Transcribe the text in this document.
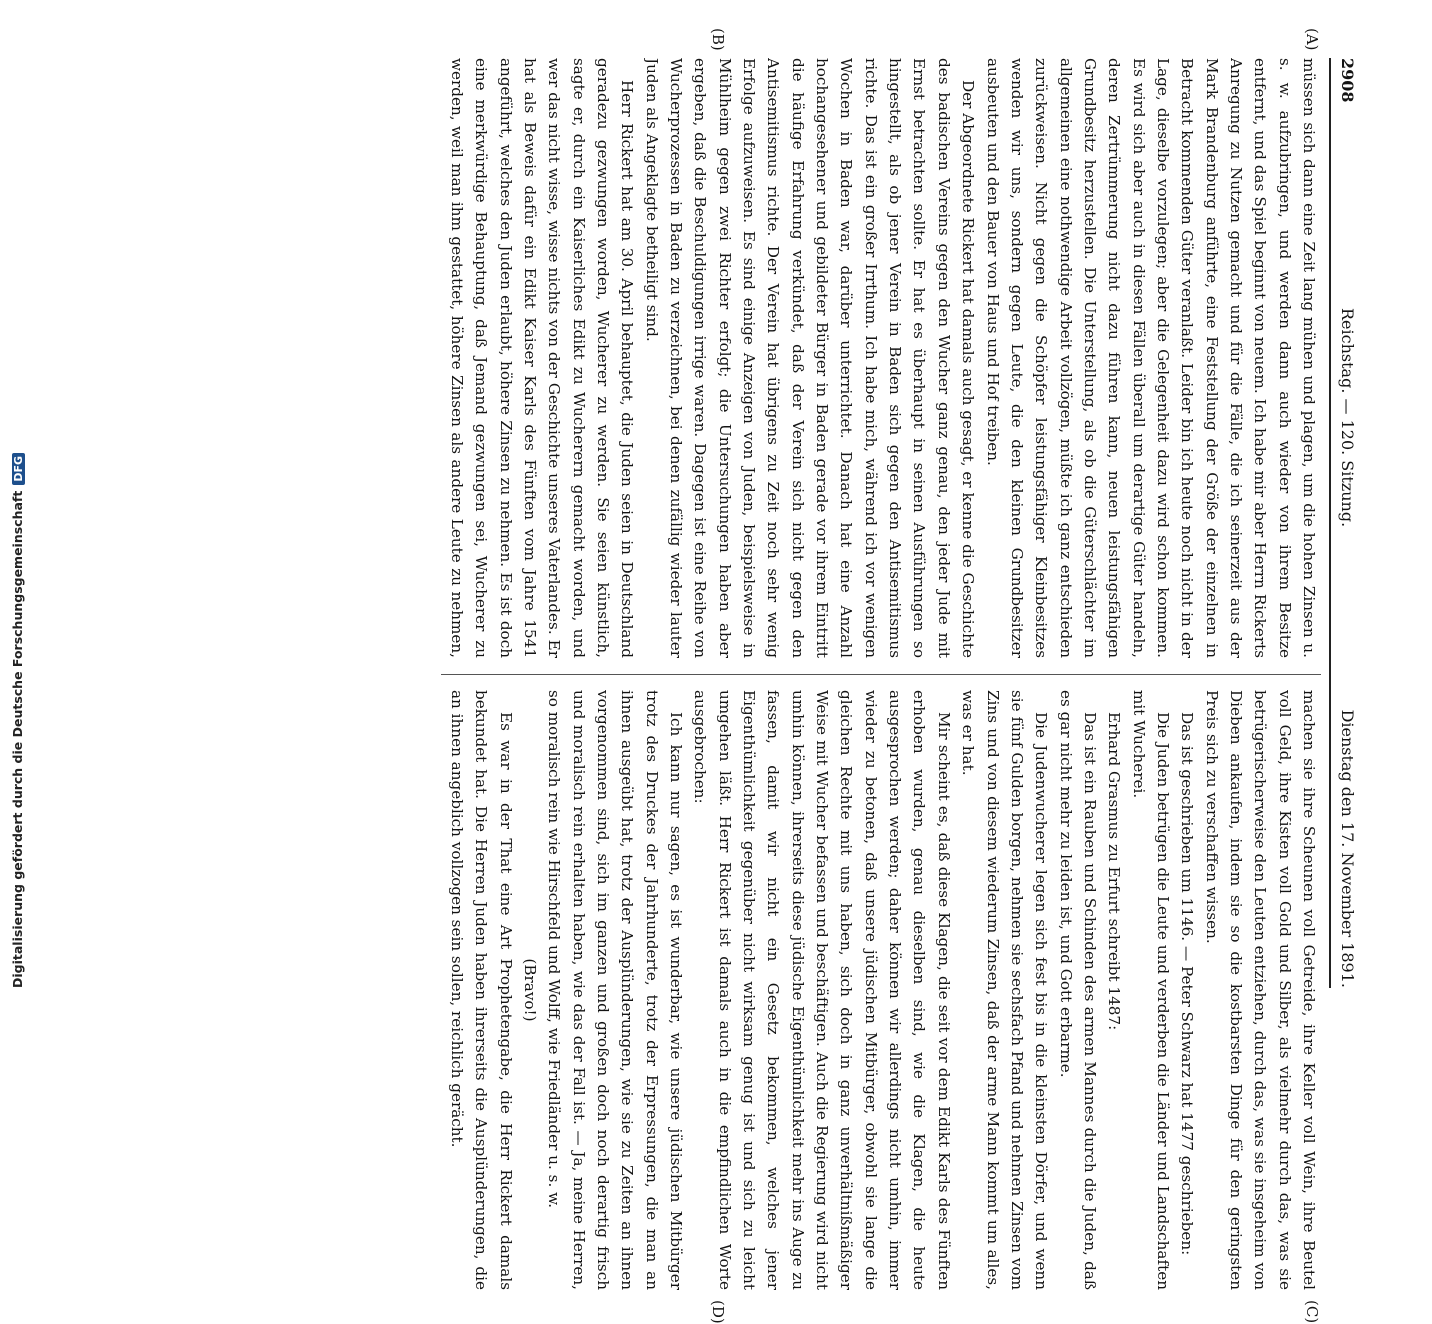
2908
Reichstag. — 120. Sitzung.
Dienstag den 17. November 1891.
(A)
(B)
(C)
(D)

müssen sich dann eine Zeit lang mühen und plagen, um die hohen Zinsen u. s. w. aufzubringen, und werden dann auch wieder von ihrem Besitze entfernt, und das Spiel beginnt von neuem. Ich habe mir aber Herrn Rickerts Anregung zu Nutzen gemacht und für die Fälle, die ich seinerzeit aus der Mark Brandenburg anführte, eine Feststellung der Größe der einzelnen in Betracht kommenden Güter veranlaßt. Leider bin ich heute noch nicht in der Lage, dieselbe vorzulegen; aber die Gelegenheit dazu wird schon kommen. Es wird sich aber auch in diesen Fällen überall um derartige Güter handeln, deren Zertrümmerung nicht dazu führen kann, neuen leistungsfähigen Grundbesitz herzustellen. Die Unterstellung, als ob die Güterschlächter im allgemeinen eine nothwendige Arbeit vollzögen, müßte ich ganz entschieden zurückweisen. Nicht gegen die Schöpfer leistungsfähiger Kleinbesitzes wenden wir uns, sondern gegen Leute, die den kleinen Grundbesitzer ausbeuten und den Bauer von Haus und Hof treiben.

Der Abgeordnete Rickert hat damals auch gesagt, er kenne die Geschichte des badischen Vereins gegen den Wucher ganz genau, den jeder Jude mit Ernst betrachten sollte. Er hat es überhaupt in seinen Ausführungen so hingestellt, als ob jener Verein in Baden sich gegen den Antisemitismus richte. Das ist ein großer Irrthum. Ich habe mich, während ich vor wenigen Wochen in Baden war, darüber unterrichtet. Danach hat eine Anzahl hochangesehener und gebildeter Bürger in Baden gerade vor ihrem Eintritt die häufige Erfahrung verkündet, daß der Verein sich nicht gegen den Antisemitismus richte. Der Verein hat übrigens zu Zeit noch sehr wenig Erfolge aufzuweisen. Es sind einige Anzeigen von Juden, beispielsweise in Mühlheim gegen zwei Richter erfolgt; die Untersuchungen haben aber ergeben, daß die Beschuldigungen irrige waren. Dagegen ist eine Reihe von Wucherprozessen in Baden zu verzeichnen, bei denen zufällig wieder lauter Juden als Angeklagte betheiligt sind.

Herr Rickert hat am 30. April behauptet, die Juden seien in Deutschland geradezu gezwungen worden, Wucherer zu werden. Sie seien künstlich, sagte er, durch ein Kaiserliches Edikt zu Wucherern gemacht worden, und wer das nicht wisse, wisse nichts von der Geschichte unseres Vaterlandes. Er hat als Beweis dafür ein Edikt Kaiser Karls des Fünften vom Jahre 1541 angeführt, welches den Juden erlaubt, höhere Zinsen zu nehmen. Es ist doch eine merkwürdige Behauptung, daß Jemand gezwungen sei, Wucherer zu werden, weil man ihm gestattet, höhere Zinsen als andere Leute zu nehmen,

machen sie ihre Scheunen voll Getreide, ihre Keller voll Wein, ihre Beutel voll Geld, ihre Kisten voll Gold und Silber, als vielmehr durch das, was sie betrügerischerweise den Leuten entziehen, durch das, was sie insgeheim von Dieben ankaufen, indem sie so die kostbarsten Dinge für den geringsten Preis sich zu verschaffen wissen.

Das ist geschrieben um 1146. — Peter Schwarz hat 1477 geschrieben:

Die Juden betrügen die Leute und verderben die Länder und Landschaften mit Wucherei.

Erhard Grasmus zu Erfurt schreibt 1487:

Das ist ein Rauben und Schinden des armen Mannes durch die Juden, daß es gar nicht mehr zu leiden ist, und Gott erbarme.

Die Judenwucherer legen sich fest bis in die kleinsten Dörfer, und wenn sie fünf Gulden borgen, nehmen sie sechsfach Pfand und nehmen Zinsen vom Zins und von diesem wiederum Zinsen, daß der arme Mann kommt um alles, was er hat.

Mir scheint es, daß diese Klagen, die seit vor dem Edikt Karls des Fünften erhoben wurden, genau dieselben sind, wie die Klagen, die heute ausgesprochen werden; daher können wir allerdings nicht umhin, immer wieder zu betonen, daß unsere jüdischen Mitbürger, obwohl sie lange die gleichen Rechte mit uns haben, sich doch in ganz unverhältnißmäßiger Weise mit Wucher befassen und beschäftigen. Auch die Regierung wird nicht umhin können, ihrerseits diese jüdische Eigenthümlichkeit mehr ins Auge zu fassen, damit wir nicht ein Gesetz bekommen, welches jener Eigenthümlichkeit gegenüber nicht wirksam genug ist und sich zu leicht umgehen läßt. Herr Rickert ist damals auch in die empfindlichen Worte ausgebrochen:

Ich kann nur sagen, es ist wunderbar, wie unsere jüdischen Mitbürger trotz des Druckes der Jahrhunderte, trotz der Erpressungen, die man an ihnen ausgeübt hat, trotz der Ausplünderungen, wie sie zu Zeiten an ihnen vorgenommen sind, sich im ganzen und großen doch noch derartig frisch und moralisch rein erhalten haben, wie das der Fall ist. — Ja, meine Herren, so moralisch rein wie Hirschfeld und Wolff, wie Friedländer u. s. w.

(Bravo!)

Es war in der That eine Art Prophetengabe, die Herr Rickert damals bekundet hat. Die Herren Juden haben ihrerseits die Ausplünderungen, die an ihnen angeblich vollzogen sein sollen, reichlich gerächt.

Digitalisierung gefördert durch die Deutsche ForschungsgemeinschaftDFG
